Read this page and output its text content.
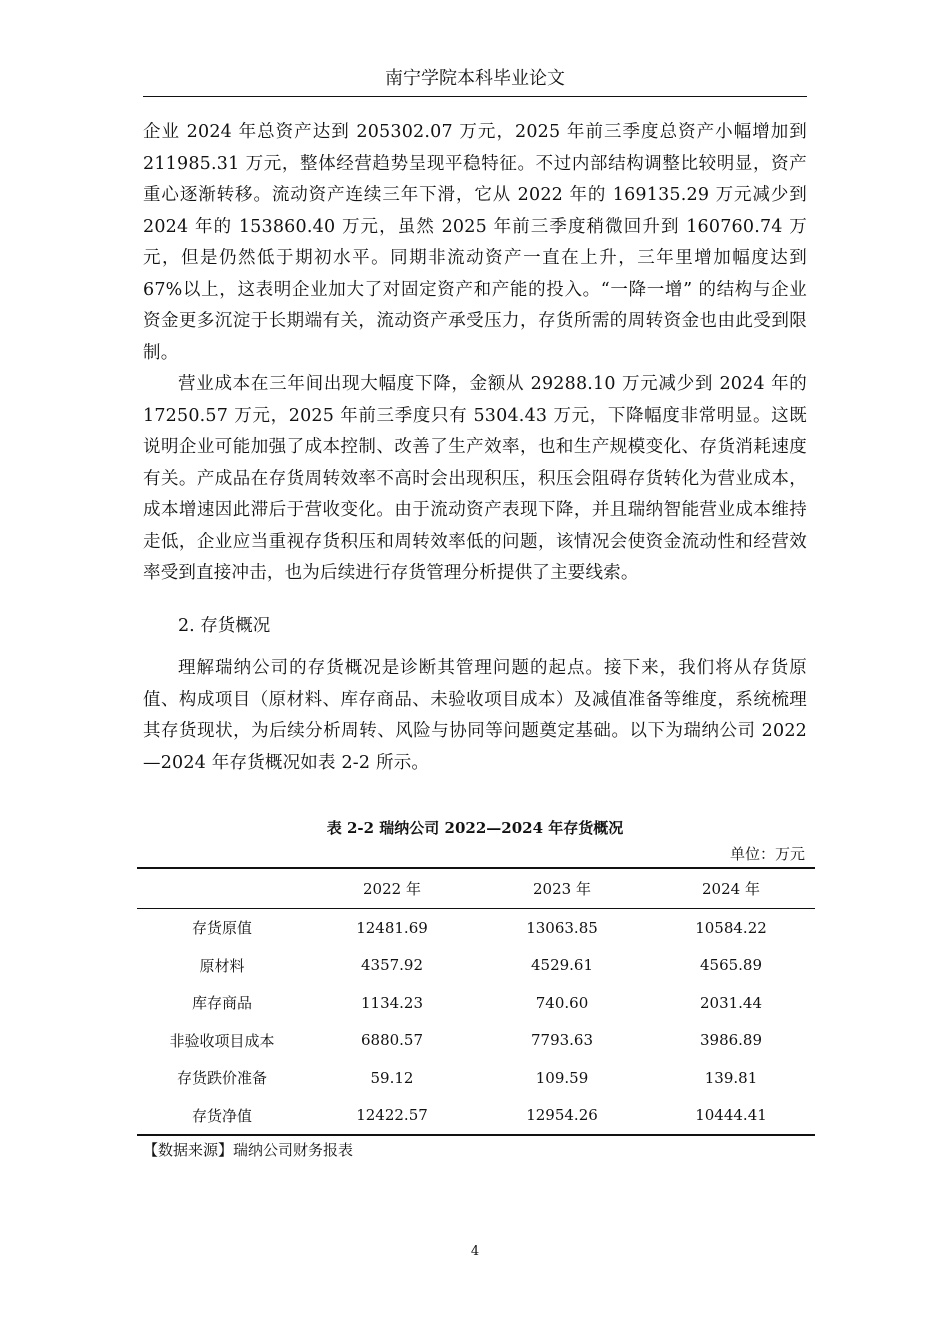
南宁学院本科毕业论文

企业 2024 年总资产达到 205302.07 万元，2025 年前三季度总资产小幅增加到 211985.31 万元，整体经营趋势呈现平稳特征。不过内部结构调整比较明显，资产重心逐渐转移。流动资产连续三年下滑，它从 2022 年的 169135.29 万元减少到 2024 年的 153860.40 万元，虽然 2025 年前三季度稍微回升到 160760.74 万元，但是仍然低于期初水平。同期非流动资产一直在上升，三年里增加幅度达到 67%以上，这表明企业加大了对固定资产和产能的投入。“一降一增” 的结构与企业资金更多沉淀于长期端有关，流动资产承受压力，存货所需的周转资金也由此受到限制。

营业成本在三年间出现大幅度下降，金额从 29288.10 万元减少到 2024 年的 17250.57 万元，2025 年前三季度只有 5304.43 万元，下降幅度非常明显。这既说明企业可能加强了成本控制、改善了生产效率，也和生产规模变化、存货消耗速度有关。产成品在存货周转效率不高时会出现积压，积压会阻碍存货转化为营业成本，成本增速因此滞后于营收变化。由于流动资产表现下降，并且瑞纳智能营业成本维持走低，企业应当重视存货积压和周转效率低的问题，该情况会使资金流动性和经营效率受到直接冲击，也为后续进行存货管理分析提供了主要线索。

2. 存货概况

理解瑞纳公司的存货概况是诊断其管理问题的起点。接下来，我们将从存货原值、构成项目（原材料、库存商品、未验收项目成本）及减值准备等维度，系统梳理其存货现状，为后续分析周转、风险与协同等问题奠定基础。以下为瑞纳公司 2022—2024 年存货概况如表 2-2 所示。

表 2-2 瑞纳公司 2022—2024 年存货概况
单位：万元
	2022 年	2023 年	2024 年
存货原值	12481.69	13063.85	10584.22
原材料	4357.92	4529.61	4565.89
库存商品	1134.23	740.60	2031.44
非验收项目成本	6880.57	7793.63	3986.89
存货跌价准备	59.12	109.59	139.81
存货净值	12422.57	12954.26	10444.41
【数据来源】瑞纳公司财务报表
4
